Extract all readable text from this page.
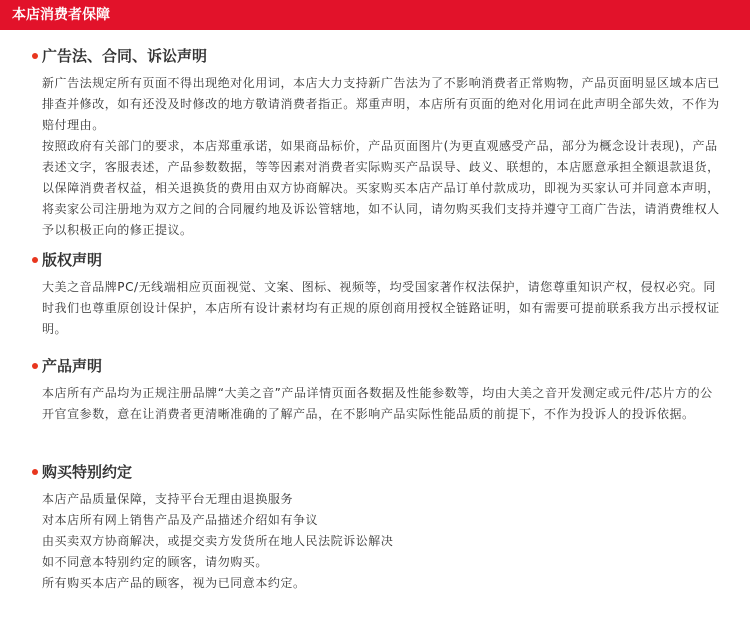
本店消费者保障
广告法、合同、诉讼声明

新广告法规定所有页面不得出现绝对化用词，本店大力支持新广告法为了不影响消费者正常购物，产品页面明显区域本店已排查并修改，如有还没及时修改的地方敬请消费者指正。郑重声明，本店所有页面的绝对化用词在此声明全部失效，不作为赔付理由。

按照政府有关部门的要求，本店郑重承诺，如果商品标价，产品页面图片(为更直观感受产品，部分为概念设计表现)，产品表述文字，客服表述，产品参数数据，等等因素对消费者实际购买产品误导、歧义、联想的，本店愿意承担全额退款退货，以保障消费者权益，相关退换货的费用由双方协商解决。买家购买本店产品订单付款成功，即视为买家认可并同意本声明，将卖家公司注册地为双方之间的合同履约地及诉讼管辖地，如不认同，请勿购买我们支持并遵守工商广告法，请消费维权人予以积极正向的修正提议。

版权声明

大美之音品牌PC/无线端相应页面视觉、文案、图标、视频等，均受国家著作权法保护，请您尊重知识产权，侵权必究。同时我们也尊重原创设计保护，本店所有设计素材均有正规的原创商用授权全链路证明，如有需要可提前联系我方出示授权证明。

产品声明

本店所有产品均为正规注册品牌“大美之音”产品详情页面各数据及性能参数等，均由大美之音开发测定或元件/芯片方的公开官宣参数，意在让消费者更清晰准确的了解产品，在不影响产品实际性能品质的前提下，不作为投诉人的投诉依据。

购买特别约定

本店产品质量保障，支持平台无理由退换服务

对本店所有网上销售产品及产品描述介绍如有争议

由买卖双方协商解决，或提交卖方发货所在地人民法院诉讼解决

如不同意本特别约定的顾客，请勿购买。

所有购买本店产品的顾客，视为已同意本约定。
